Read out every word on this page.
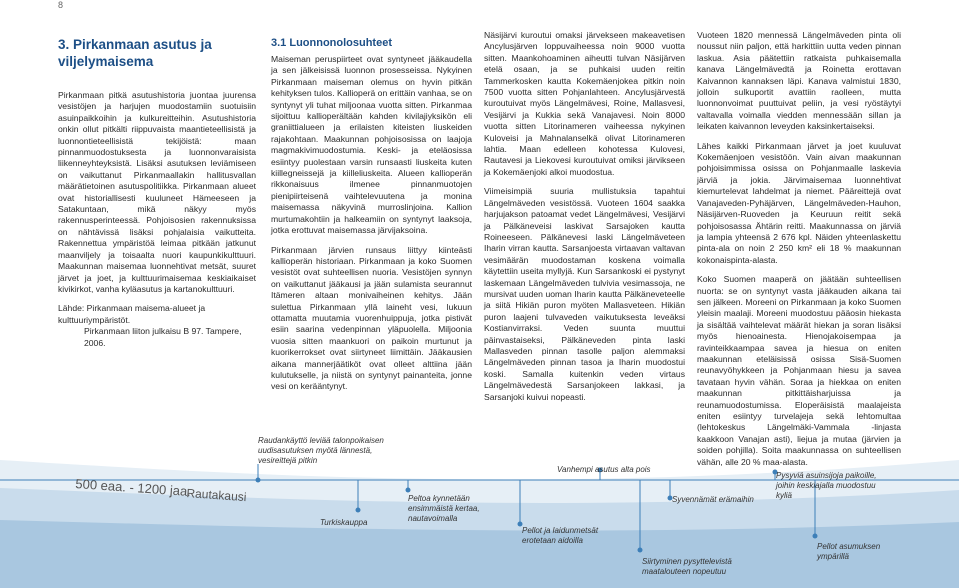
8
3. Pirkanmaan asutus ja
viljelymaisema

Pirkanmaan pitkä asutushistoria juontaa juurensa vesistöjen ja harjujen muodostamiin suotuisiin asuinpaikkoihin ja kulkureitteihin. Asutushistoria onkin ollut pitkälti riippuvaista maantieteellisistä ja luonnontieteellisistä tekijöistä: maan pinnanmuodostuksesta ja luonnonvaraisista liikenneyhteyksistä. Lisäksi asutuksen leviämiseen on vaikuttanut Pirkanmaallakin hallitusvallan määrätietoinen asutuspolitiikka. Pirkanmaan alueet ovat historiallisesti kuuluneet Hämeeseen ja Satakuntaan, mikä näkyy myös rakennusperinteessä. Pohjoisosien rakennuksissa on nähtävissä lisäksi pohjalaisia vaikutteita. Rakennettua ympäristöä leimaa pitkään jatkunut maanviljely ja toisaalta nuori kaupunkikulttuuri. Maakunnan maisemaa luonnehtivat metsät, suuret järvet ja joet, ja kulttuurimaisemaa keskiaikaiset kivikirkot, vanha kyläasutus ja kartanokulttuuri.

Lähde: Pirkanmaan maisema-alueet ja kulttuuriympäristöt.
Pirkanmaan liiton julkaisu B 97. Tampere, 2006.
3.1 Luonnonolosuhteet

Maiseman peruspiirteet ovat syntyneet jääkaudella ja sen jälkeisissä luonnon prosesseissa. Nykyinen Pirkanmaan maiseman olemus on hyvin pitkän kehityksen tulos. Kallioperä on erittäin vanhaa, se on syntynyt yli tuhat miljoonaa vuotta sitten. Pirkanmaa sijoittuu kallioperältään kahden kivilajiyksikön eli graniittialueen ja erilaisten kiteisten liuskeiden rajakohtaan. Maakunnan pohjoisosissa on laajoja magmakivimuodostumia. Keski- ja eteläosissa esiintyy puolestaan varsin runsaasti liuskeita kuten kiillegneissejä ja kiilleliuskeita. Alueen kallioperän rikkonaisuus ilmenee pinnanmuotojen pienipiirteisenä vaihtelevuutena ja monina maisemassa näkyvinä murroslinjoina. Kallion murtumakohtiin ja halkeamiin on syntynyt laaksoja, jotka erottuvat maisemassa järvijaksoina.

Pirkanmaan järvien runsaus liittyy kiinteästi kallioperän historiaan. Pirkanmaan ja koko Suomen vesistöt ovat suhteellisen nuoria. Vesistöjen synnyn on vaikuttanut jääkausi ja jään sulamista seurannut Itämeren altaan monivaiheinen kehitys. Jään sulettua Pirkanmaan yllä laineht vesi, lukuun ottamatta muutamia vuorenhuippuja, jotka pistivät esiin saarina vedenpinnan yläpuolella. Miljoonia vuosia sitten maankuori on paikoin murtunut ja kuorikerrokset ovat siirtyneet liimittäin. Jääkausien aikana mannerjäätiköt ovat olleet alttiina jään kulutukselle, ja niistä on syntynyt painanteita, jonne vesi on kerääntynyt.

Näsijärvi kuroutui omaksi järvekseen makeavetisen Ancylusjärven loppuvaiheessa noin 9000 vuotta sitten. Maankohoaminen aiheutti tulvan Näsijärven etelä osaan, ja se puhkaisi uuden reitin Tammerkosken kautta Kokemäenjokea pitkin noin 7500 vuotta sitten Pohjanlahteen. Ancylusjärvestä kuroutuivat myös Längelmävesi, Roine, Mallasvesi, Vesijärvi ja Kukkia sekä Vanajavesi. Noin 8000 vuotta sitten Litorinameren vaiheessa nykyinen Kuloveisi ja Mahnalanselkä olivat Litorinameren lahtia. Maan edelleen kohotessa Kulovesi, Rautavesi ja Liekovesi kuroutuivat omiksi järvikseen ja Kokemäenjoki alkoi muodostua.

Viimeisimpiä suuria mullistuksia tapahtui Längelmäveden vesistössä. Vuoteen 1604 saakka harjujakson patoamat vedet Längelmävesi, Vesijärvi ja Pälkäneveisi laskivat Sarsajoken kautta Roineeseen. Pälkänevesi laski Längelmäveteen Iharin virran kautta. Sarsanjoesta virtaavan valtavan vesimäärän muodostaman koskena voimalla käytettiin useita myllyjä. Kun Sarsankoski ei pystynyt laskemaan Längelmäveden tulvivia vesimassoja, ne mursivat uuden uoman Iharin kautta Pälkäneveteelle ja siitä Hikiän puron myöten Mallasveteen. Hikiän puron laajeni tulvaveden vaikutuksesta leveäksi Kostianvirraksi. Veden suunta muuttui päinvastaiseksi, Pälkäneveden pinta laski Mallasveden pinnan tasolle paljon alemmaksi Längelmäveden pinnan tasoa ja Iharin muodostui koski. Samalla kuitenkin veden virtaus Längelmävedestä Sarsanjokeen lakkasi, ja Sarsanjoki kuivui nopeasti.

Vuoteen 1820 mennessä Längelmäveden pinta oli noussut niin paljon, että harkittiin uutta veden pinnan laskua. Asia päätettiin ratkaista puhkaisemalla kanava Längelmävedtä ja Roinetta erottavan Kaivannon kannaksen läpi. Kanava valmistui 1830, jolloin sulkuportit avattiin raolleen, mutta luonnonvoimat puuttuivat peliin, ja vesi ryöstäytyi valtavalla voimalla viedden mennessään sillan ja leikaten kaivannon leveyden kaksinkertaiseksi.

Lähes kaikki Pirkanmaan järvet ja joet kuuluvat Kokemäenjoen vesistöön. Vain aivan maakunnan pohjoisimmissa osissa on Pohjanmaalle laskevia järviä ja jokia. Järvimaisemaa luonnehtivat kiemurtelevat lahdelmat ja niemet. Pääreittejä ovat Vanajaveden-Pyhäjärven, Längelmäveden-Hauhon, Näsijärven-Ruoveden ja Keuruun reitit sekä pohjoisosassa Ähtärin reitti. Maakunnassa on järviä ja lampia yhteensä 2 676 kpl. Näiden yhteenlaskettu pinta-ala on noin 2 250 km² eli 18 % maakunnan kokonaispinta-alasta.

Koko Suomen maaperä on jäätään suhteellisen nuorta: se on syntynyt vasta jääkauden aikana tai sen jälkeen. Moreeni on Pirkanmaan ja koko Suomen yleisin maalaji. Moreeni muodostuu pääosin hiekasta ja sisältää vaihtelevat määrät hiekan ja soran lisäksi myös hienoainesta. Hienojakoisempaa ja ravinteikkaampaa savea ja hiesua on eniten maakunnan eteläisissä osissa Sisä-Suomen reunavyöhykkeen ja Pohjanmaan hiesu ja savea tavataan hyvin vähän. Soraa ja hiekkaa on eniten maakunnan pitkittäisharjuissa ja reunamuodostumissa. Eloperäisistä maalajeista eniten esiintyy turvelajeja sekä lehtomultaa (lehtokeskus Längelmäki-Vammala -linjasta kaakkoon Vanajan asti), liejua ja mutaa (järvien ja soiden pohjilla). Soita maakunnassa on suhteellisen vähän, alle 20 % maa-alasta.

500 eaa. - 1200 jaa.
Rautakausi
Raudankäyttö leviää talonpoikaisen uudisasutuksen myötä lännestä, vesireittejä pitkin
Turkiskauppa
Peltoa kynnetään ensimmäistä kertaa, nautavoimalla
Pellot ja laidunmetsät erotetaan aidoilla
Vanhempi asutus alta pois
Siirtyminen pysyttelevistä maatalouteen nopeutuu
Syvennämät erämaihin
Pysyviä asuinsijoja paikoille, joihin keskiajalla muodostuu kyliä
Pellot asumuksen ympärillä
